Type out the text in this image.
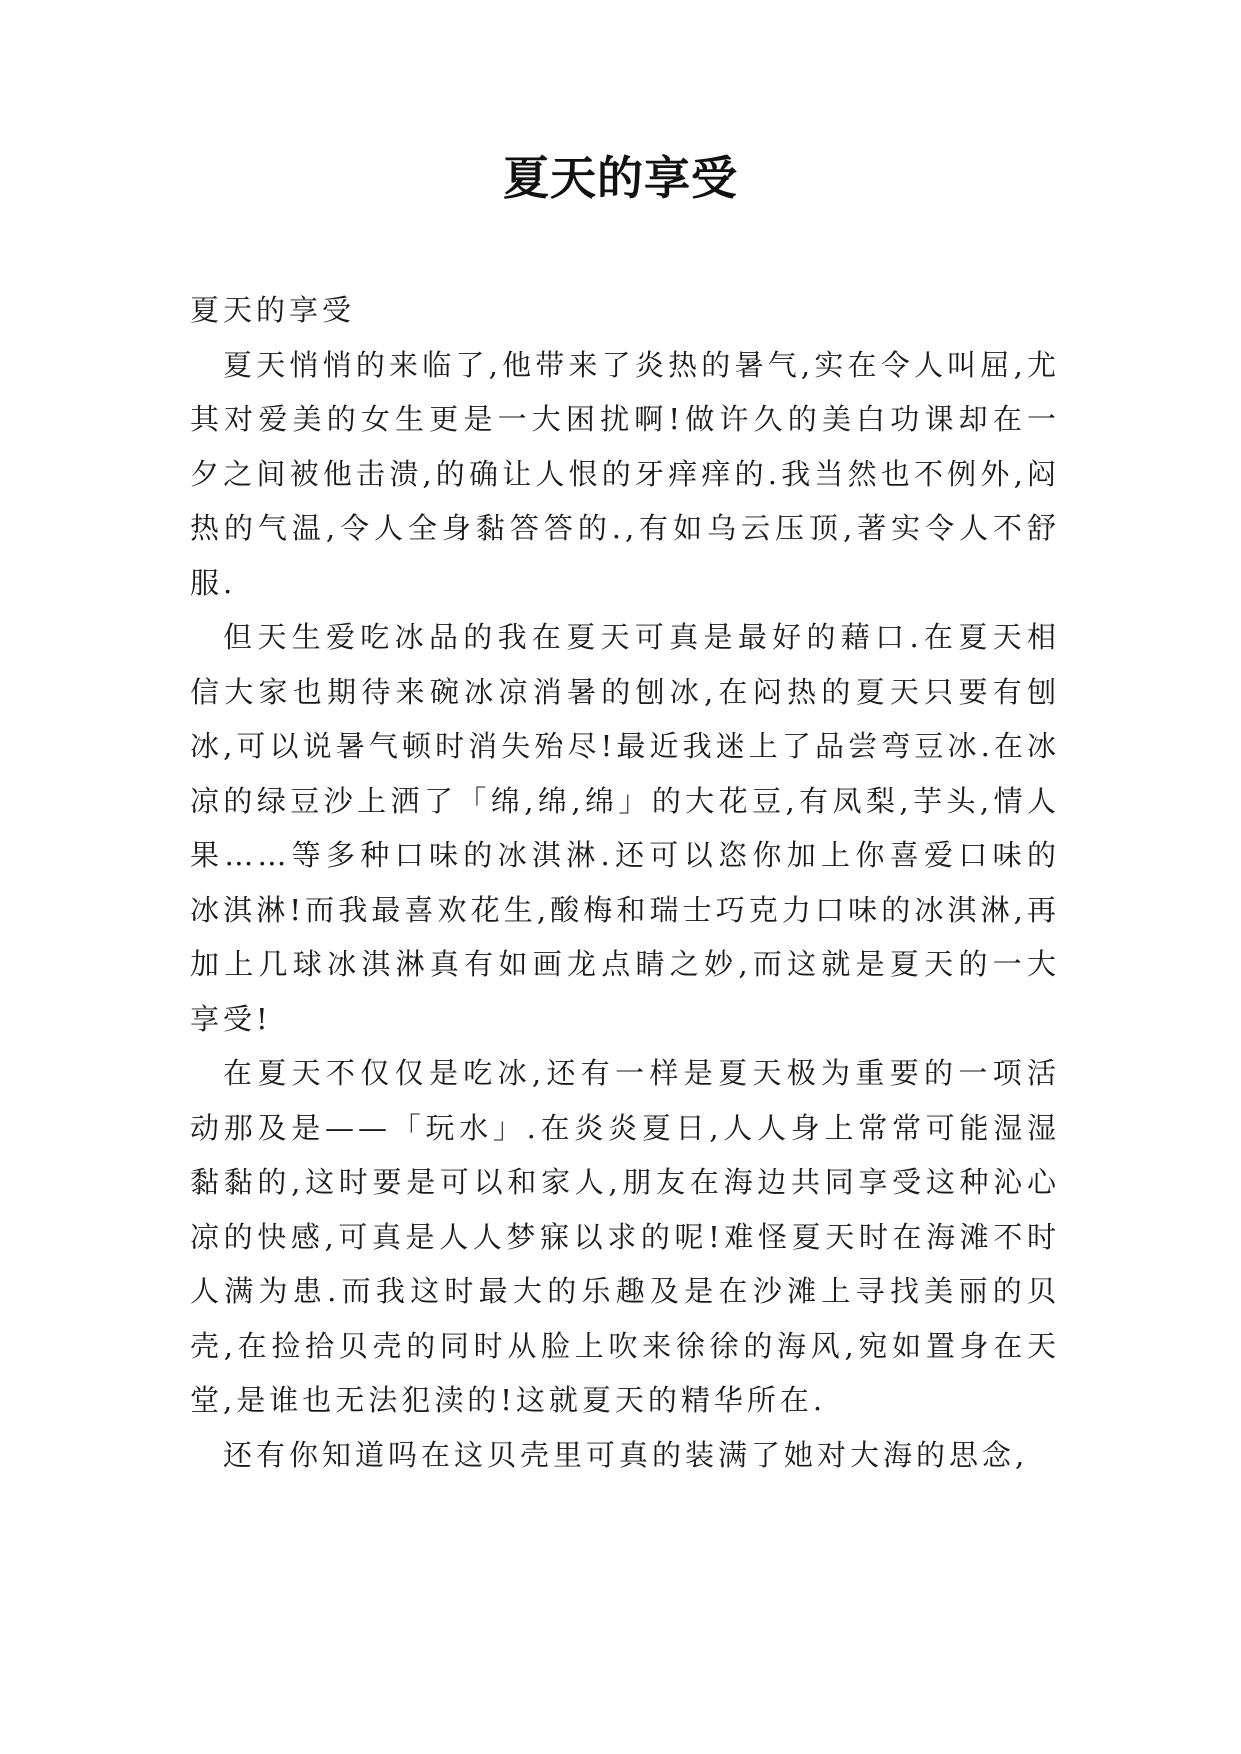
夏天的享受

夏天的享受

夏天悄悄的来临了,他带来了炎热的暑气,实在令人叫屈,尤其对爱美的女生更是一大困扰啊!做许久的美白功课却在一夕之间被他击溃,的确让人恨的牙痒痒的.我当然也不例外,闷热的气温,令人全身黏答答的.,有如乌云压顶,著实令人不舒服.

但天生爱吃冰品的我在夏天可真是最好的藉口.在夏天相信大家也期待来碗冰凉消暑的刨冰,在闷热的夏天只要有刨冰,可以说暑气顿时消失殆尽!最近我迷上了品尝弯豆冰.在冰凉的绿豆沙上洒了「绵,绵,绵」的大花豆,有凤梨,芋头,情人果……等多种口味的冰淇淋.还可以恣你加上你喜爱口味的冰淇淋!而我最喜欢花生,酸梅和瑞士巧克力口味的冰淇淋,再加上几球冰淇淋真有如画龙点睛之妙,而这就是夏天的一大享受!

在夏天不仅仅是吃冰,还有一样是夏天极为重要的一项活动那及是——「玩水」.在炎炎夏日,人人身上常常可能湿湿黏黏的,这时要是可以和家人,朋友在海边共同享受这种沁心凉的快感,可真是人人梦寐以求的呢!难怪夏天时在海滩不时人满为患.而我这时最大的乐趣及是在沙滩上寻找美丽的贝壳,在捡拾贝壳的同时从脸上吹来徐徐的海风,宛如置身在天堂,是谁也无法犯渎的!这就夏天的精华所在.

还有你知道吗在这贝壳里可真的装满了她对大海的思念,
